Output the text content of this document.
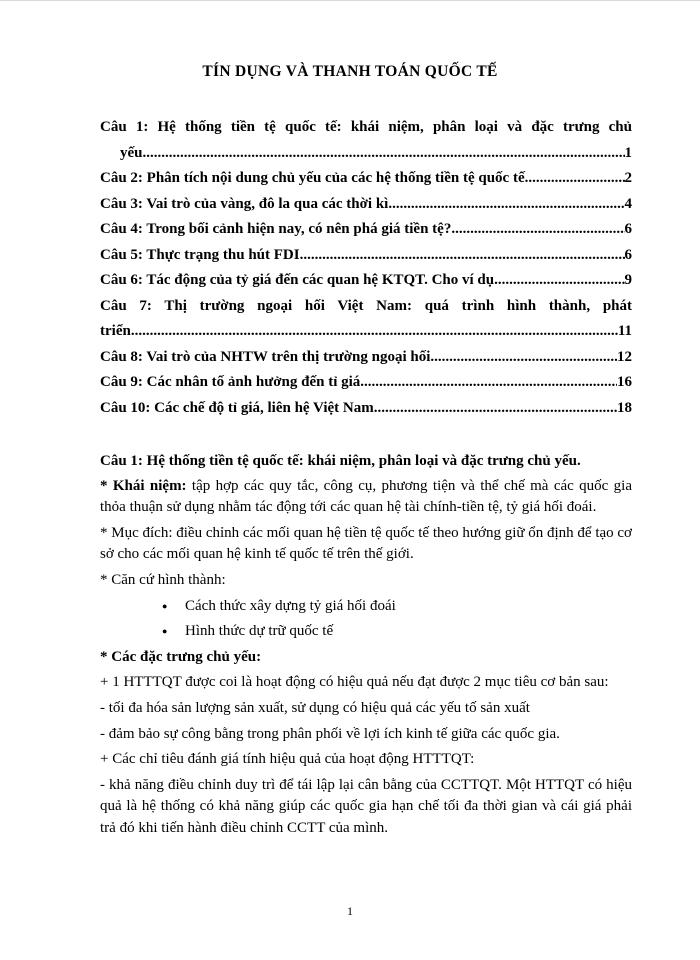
TÍN DỤNG VÀ THANH TOÁN QUỐC TẾ
Câu 1: Hệ thống tiền tệ quốc tế: khái niệm, phân loại và đặc trưng chủ
yếu. .....	1
Câu 2: Phân tích nội dung chủ yếu của các hệ thống tiền tệ quốc tế .....	2
Câu 3: Vai trò của vàng, đô la qua các thời kì .....	4
Câu 4: Trong bối cảnh hiện nay, có nên phá giá tiền tệ? .....	6
Câu 5: Thực trạng thu hút FDI .....	6
Câu 6: Tác động của tỷ giá đến các quan hệ KTQT. Cho ví dụ .....	9
Câu 7: Thị trường ngoại hối Việt Nam: quá trình hình thành, phát
triển .....	11
Câu 8: Vai trò của NHTW trên thị trường ngoại hối .....	12
Câu 9: Các nhân tố ảnh hưởng đến tỉ giá .....	16
Câu 10: Các chế độ tỉ giá, liên hệ Việt Nam .....	18

Câu 1: Hệ thống tiền tệ quốc tế: khái niệm, phân loại và đặc trưng chủ yếu.

* Khái niệm: tập hợp các quy tắc, công cụ, phương tiện và thể chế mà các quốc gia thỏa thuận sử dụng nhằm tác động tới các quan hệ tài chính-tiền tệ, tỷ giá hối đoái.

* Mục đích: điều chỉnh các mối quan hệ tiền tệ quốc tế theo hướng giữ ổn định để tạo cơ sở cho các mối quan hệ kinh tế quốc tế trên thế giới.

* Căn cứ hình thành:

● Cách thức xây dựng tỷ giá hối đoái
● Hình thức dự trữ quốc tế

* Các đặc trưng chủ yếu:

+ 1 HTTTQT được coi là hoạt động có hiệu quả nếu đạt được 2 mục tiêu cơ bản sau:

- tối đa hóa sản lượng sản xuất, sử dụng có hiệu quả các yếu tố sản xuất

- đảm bảo sự công bằng trong phân phối về lợi ích kinh tế giữa các quốc gia.

+ Các chỉ tiêu đánh giá tính hiệu quả của hoạt động HTTTQT:

- khả năng điều chỉnh duy trì để tái lập lại cân bằng của CCTTQT. Một HTTQT có hiệu quả là hệ thống có khả năng giúp các quốc gia hạn chế tối đa thời gian và cái giá phải trả đó khi tiến hành điều chỉnh CCTT của mình.

1
